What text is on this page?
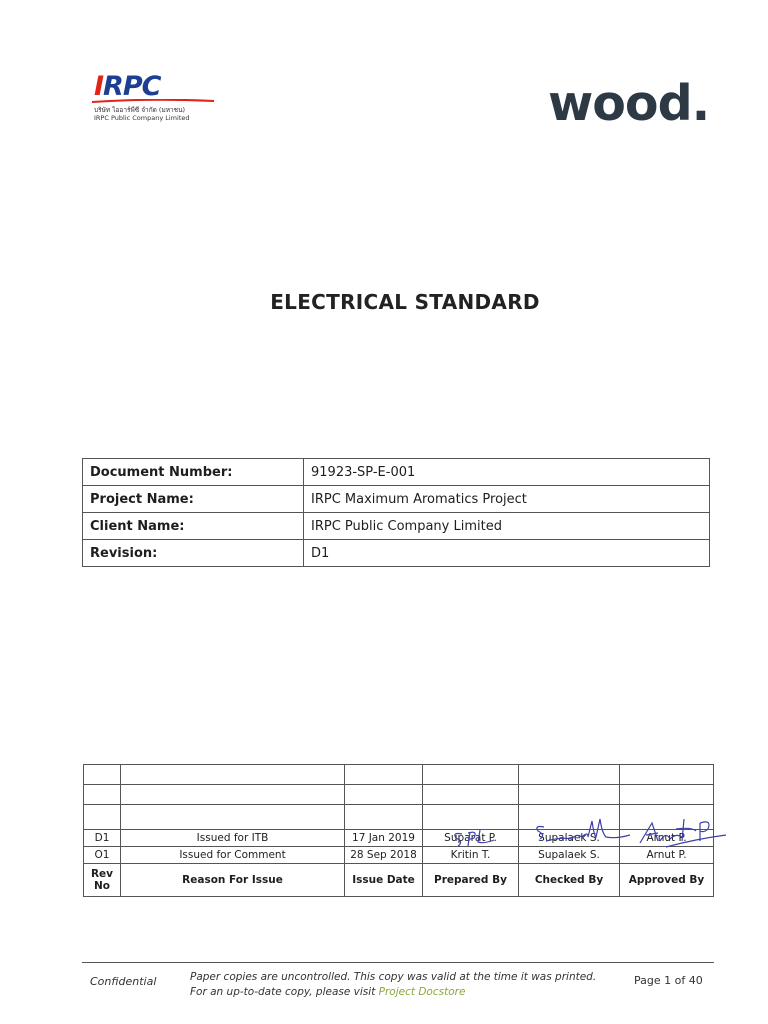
IRPC
บริษัท ไออาร์พีซี จำกัด (มหาชน)
IRPC Public Company Limited	wood.
ELECTRICAL STANDARD
Document Number:	91923-SP-E-001
Project Name:	IRPC Maximum Aromatics Project
Client Name:	IRPC Public Company Limited
Revision:	D1

D1	Issued for ITB	17 Jan 2019	Suparat P.	Supalaek S.	Arnut P.
O1	Issued for Comment	28 Sep 2018	Kritin T.	Supalaek S.	Arnut P.
Rev No	Reason For Issue	Issue Date	Prepared By	Checked By	Approved By
Confidential	Paper copies are uncontrolled. This copy was valid at the time it was printed.
For an up-to-date copy, please visit Project Docstore
Page 1 of 40
